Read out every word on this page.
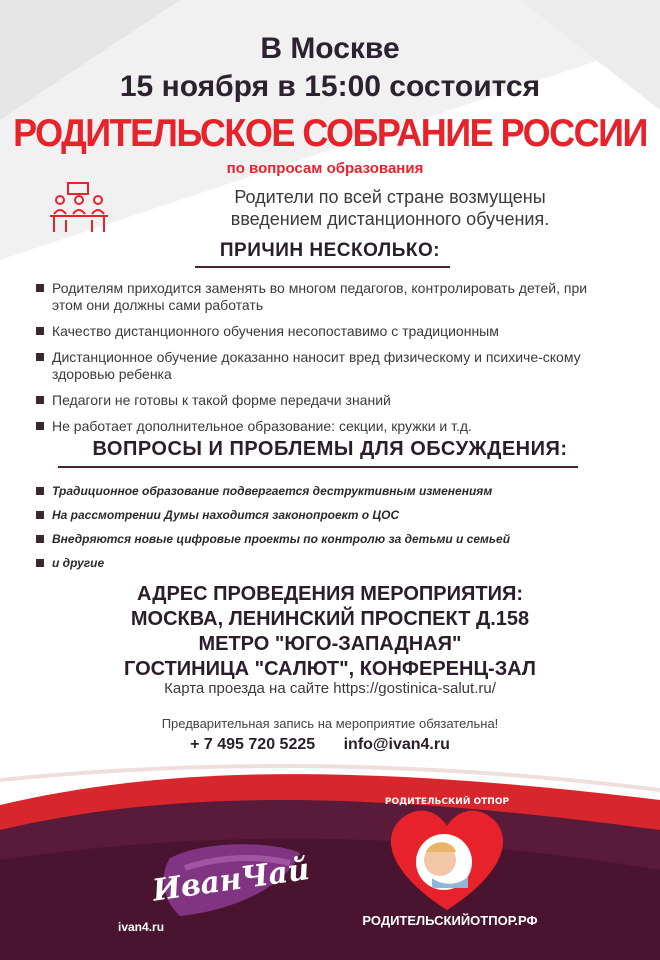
В Москве
15 ноября в 15:00 состоится
РОДИТЕЛЬСКОЕ СОБРАНИЕ РОССИИ
по вопросам образования
Родители по всей стране возмущены
введением дистанционного обучения.
ПРИЧИН НЕСКОЛЬКО:
Родителям приходится заменять во многом педагогов, контролировать детей, при этом они должны сами работать
Качество дистанционного обучения несопоставимо с традиционным
Дистанционное обучение доказанно наносит вред физическому и психиче-скому здоровью ребенка
Педагоги не готовы к такой форме передачи знаний
Не работает дополнительное образование: секции, кружки и т.д.
ВОПРОСЫ И ПРОБЛЕМЫ ДЛЯ ОБСУЖДЕНИЯ:
Традиционное образование подвергается деструктивным изменениям
На рассмотрении Думы находится законопроект о ЦОС
Внедряются новые цифровые проекты по контролю за детьми и семьей
и другие
АДРЕС ПРОВЕДЕНИЯ МЕРОПРИЯТИЯ:
МОСКВА, ЛЕНИНСКИЙ ПРОСПЕКТ Д.158
МЕТРО "ЮГО-ЗАПАДНАЯ"
ГОСТИНИЦА "САЛЮТ", КОНФЕРЕНЦ-ЗАЛ
Карта проезда на сайте https://gostinica-salut.ru/
Предварительная запись на мероприятие обязательна!
+ 7 495 720 5225 info@ivan4.ru
ИванЧай
ivan4.ru
РОДИТЕЛЬСКИЙ ОТПОР
РОДИТЕЛЬСКИЙОТПОР.РФ
